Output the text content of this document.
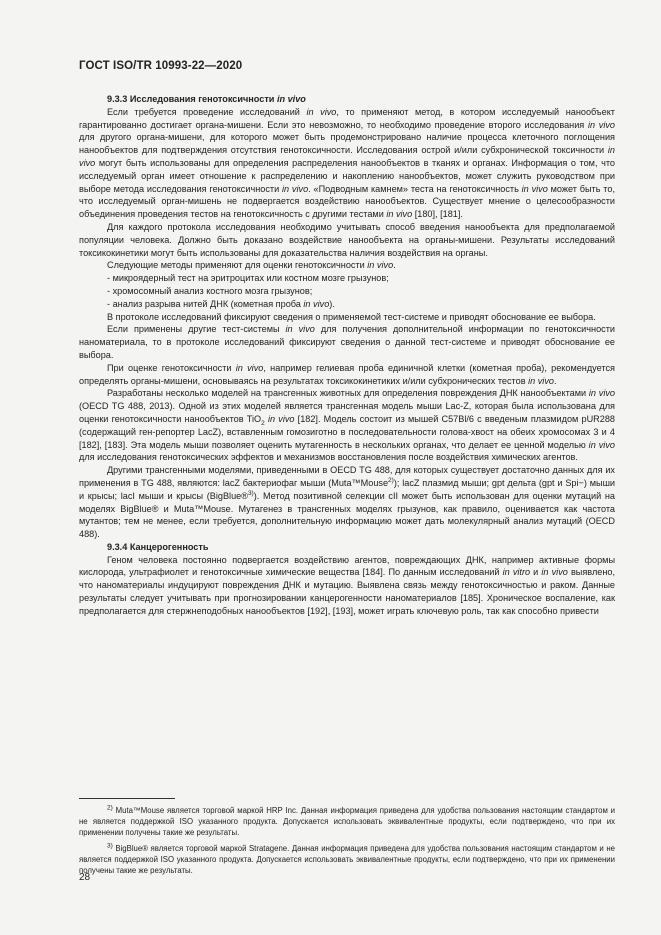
ГОСТ ISO/TR 10993-22—2020
9.3.3 Исследования генотоксичности in vivo

Если требуется проведение исследований in vivo, то применяют метод, в котором исследуемый нанообъект гарантированно достигает органа-мишени. Если это невозможно, то необходимо проведение второго исследования in vivo для другого органа-мишени, для которого может быть продемонстрировано наличие процесса клеточного поглощения нанообъектов для подтверждения отсутствия генотоксичности. Исследования острой и/или субхронической токсичности in vivo могут быть использованы для определения распределения нанообъектов в тканях и органах. Информация о том, что исследуемый орган имеет отношение к распределению и накоплению нанообъектов, может служить руководством при выборе метода исследования генотоксичности in vivo. «Подводным камнем» теста на генотоксичность in vivo может быть то, что исследуемый орган-мишень не подвергается воздействию нанообъектов. Существует мнение о целесообразности объединения проведения тестов на генотоксичность с другими тестами in vivo [180], [181].

Для каждого протокола исследования необходимо учитывать способ введения нанообъекта для предполагаемой популяции человека. Должно быть доказано воздействие нанообъекта на органы-мишени. Результаты исследований токсикокинетики могут быть использованы для доказательства наличия воздействия на органы.

Следующие методы применяют для оценки генотоксичности in vivo.

- микроядерный тест на эритроцитах или костном мозге грызунов;

- хромосомный анализ костного мозга грызунов;

- анализ разрыва нитей ДНК (кометная проба in vivo).

В протоколе исследований фиксируют сведения о применяемой тест-системе и приводят обоснование ее выбора.

Если применены другие тест-системы in vivo для получения дополнительной информации по генотоксичности наноматериала, то в протоколе исследований фиксируют сведения о данной тест-системе и приводят обоснование ее выбора.

При оценке генотоксичности in vivo, например гелиевая проба единичной клетки (кометная проба), рекомендуется определять органы-мишени, основываясь на результатах токсикокинетиких и/или субхронических тестов in vivo.

Разработаны несколько моделей на трансгенных животных для определения повреждения ДНК нанообъектами in vivo (OECD TG 488, 2013). Одной из этих моделей является трансгенная модель мыши Lac-Z, которая была использована для оценки генотоксичности нанообъектов TiO$_2$ in vivo [182]. Модель состоит из мышей C57Bl/6 с введеным плазмидом pUR288 (содержащий ген-репортер LacZ), вставленным гомозиготно в последовательности голова-хвост на обеих хромосомах 3 и 4 [182], [183]. Эта модель мыши позволяет оценить мутагенность в нескольких органах, что делает ее ценной моделью in vivo для исследования генотоксических эффектов и механизмов восстановления после воздействия химических агентов.

Другими трансгенными моделями, приведенными в OECD TG 488, для которых существует достаточно данных для их применения в TG 488, являются: lacZ бактериофаг мыши (Muta™Mouse$^{2)}$); lacZ плазмид мыши; gpt дельта (gpt и Spi−) мыши и крысы; lacI мыши и крысы (BigBlue®$^{3)}$). Метод позитивной селекции cII может быть использован для оценки мутаций на моделях BigBlue® и Muta™Mouse. Мутагенез в трансгенных моделях грызунов, как правило, оценивается как частота мутантов; тем не менее, если требуется, дополнительную информацию может дать молекулярный анализ мутаций (OECD 488).

9.3.4 Канцерогенность

Геном человека постоянно подвергается воздействию агентов, повреждающих ДНК, например активные формы кислорода, ультрафиолет и генотоксичные химические вещества [184]. По данным исследований in vitro и in vivo выявлено, что наноматериалы индуцируют повреждения ДНК и мутацию. Выявлена связь между генотоксичностью и раком. Данные результаты следует учитывать при прогнозировании канцерогенности наноматериалов [185]. Хроническое воспаление, как предполагается для стержнеподобных нанообъектов [192], [193], может играть ключевую роль, так как способно привести

$^{2)}$ Muta™Mouse является торговой маркой HRP Inc. Данная информация приведена для удобства пользования настоящим стандартом и не является поддержкой ISO указанного продукта. Допускается использовать эквивалентные продукты, если подтверждено, что при их применении получены такие же результаты.

$^{3)}$ BigBlue® является торговой маркой Stratagene. Данная информация приведена для удобства пользования настоящим стандартом и не является поддержкой ISO указанного продукта. Допускается использовать эквивалентные продукты, если подтверждено, что при их применении получены такие же результаты.

28
